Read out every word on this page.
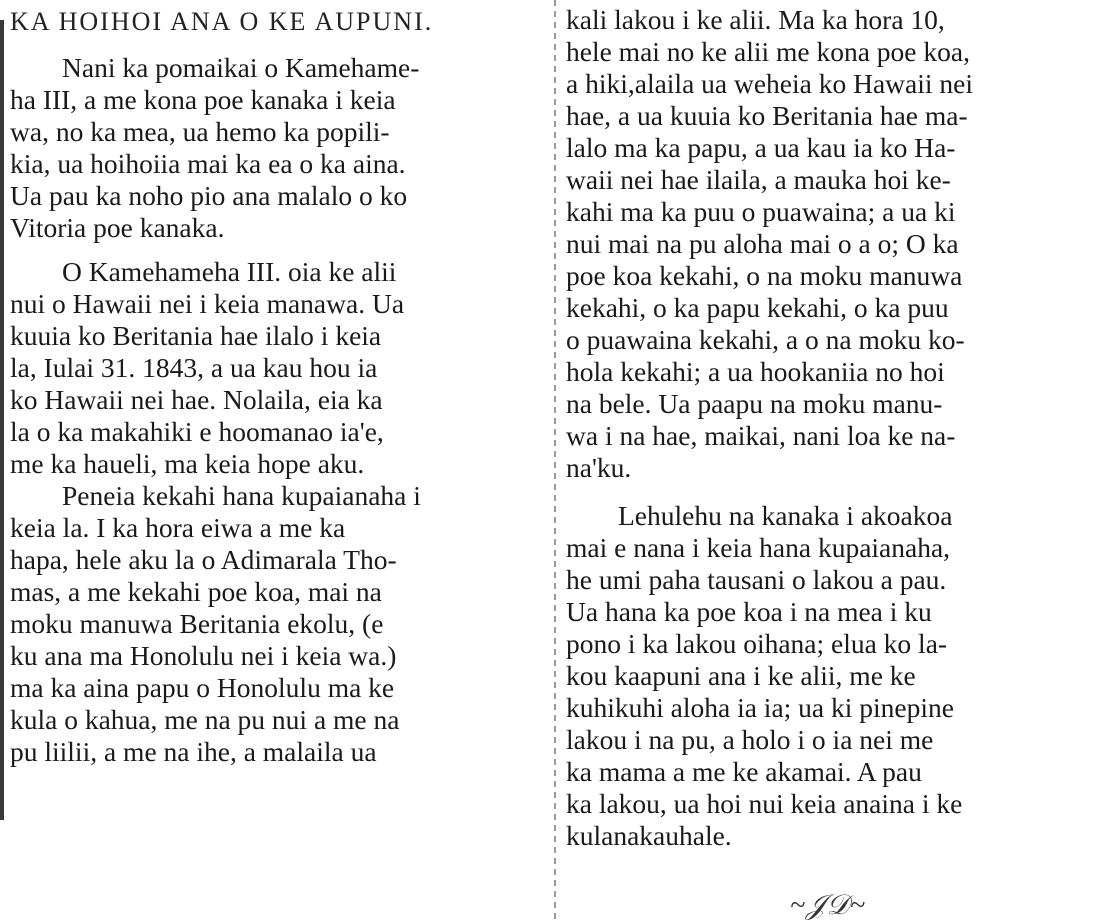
KA HOIHOI ANA O KE AUPUNI.

Nani ka pomaikai o Kamehame-
ha III, a me kona poe kanaka i keia
wa, no ka mea, ua hemo ka popili-
kia, ua hoihoiia mai ka ea o ka aina.
Ua pau ka noho pio ana malalo o ko
Vitoria poe kanaka.

O Kamehameha III. oia ke alii
nui o Hawaii nei i keia manawa. Ua
kuuia ko Beritania hae ilalo i keia
la, Iulai 31. 1843, a ua kau hou ia
ko Hawaii nei hae. Nolaila, eia ka
la o ka makahiki e hoomanao ia'e,
me ka haueli, ma keia hope aku.

Peneia kekahi hana kupaianaha i
keia la. I ka hora eiwa a me ka
hapa, hele aku la o Adimarala Tho-
mas, a me kekahi poe koa, mai na
moku manuwa Beritania ekolu, (e
ku ana ma Honolulu nei i keia wa.)
ma ka aina papu o Honolulu ma ke
kula o kahua, me na pu nui a me na
pu liilii, a me na ihe, a malaila ua

kali lakou i ke alii. Ma ka hora 10,
hele mai no ke alii me kona poe koa,
a hiki,alaila ua weheia ko Hawaii nei
hae, a ua kuuia ko Beritania hae ma-
lalo ma ka papu, a ua kau ia ko Ha-
waii nei hae ilaila, a mauka hoi ke-
kahi ma ka puu o puawaina; a ua ki
nui mai na pu aloha mai o a o; O ka
poe koa kekahi, o na moku manuwa
kekahi, o ka papu kekahi, o ka puu
o puawaina kekahi, a o na moku ko-
hola kekahi; a ua hookaniia no hoi
na bele. Ua paapu na moku manu-
wa i na hae, maikai, nani loa ke na-
na'ku.

Lehulehu na kanaka i akoakoa
mai e nana i keia hana kupaianaha,
he umi paha tausani o lakou a pau.
Ua hana ka poe koa i na mea i ku
pono i ka lakou oihana; elua ko la-
kou kaapuni ana i ke alii, me ke
kuhikuhi aloha ia ia; ua ki pinepine
lakou i na pu, a holo i o ia nei me
ka mama a me ke akamai. A pau
ka lakou, ua hoi nui keia anaina i ke
kulanakauhale.

~𝒥𝒟~
